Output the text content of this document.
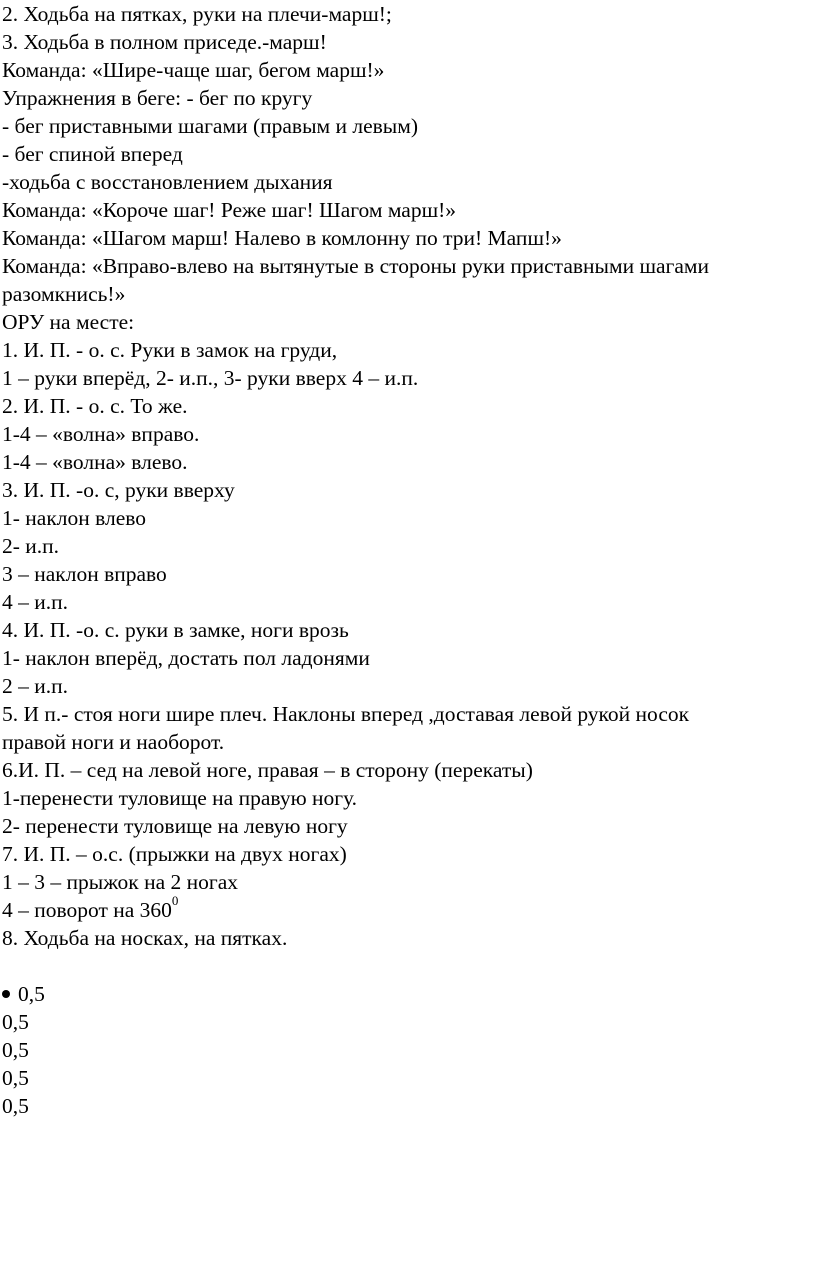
2. Ходьба на пятках, руки на плечи-марш!;
3. Ходьба в полном приседе.-марш!
Команда: «Шире-чаще шаг, бегом марш!»
Упражнения в беге: - бег по кругу
- бег приставными шагами (правым и левым)
- бег спиной вперед
-ходьба с восстановлением дыхания
Команда: «Короче шаг! Реже шаг! Шагом марш!»
Команда: «Шагом марш! Налево в комлонну по три! Мапш!»
Команда: «Вправо-влево на вытянутые в стороны руки приставными шагами
разомкнись!»
ОРУ на месте:
1. И. П. - о. с. Руки в замок на груди,
1 – руки вперёд, 2- и.п., 3- руки вверх 4 – и.п.
2. И. П. - о. с. То же.
1-4 – «волна» вправо.
1-4 – «волна» влево.
3. И. П. -о. с, руки вверху
1- наклон влево
2- и.п.
3 – наклон вправо
4 – и.п.
4. И. П. -о. с. руки в замке, ноги врозь
1- наклон вперёд, достать пол ладонями
2 – и.п.
5. И п.- стоя ноги шире плеч. Наклоны вперед ,доставая левой рукой носок
правой ноги и наоборот.
6.И. П. – сед на левой ноге, правая – в сторону (перекаты)
1-перенести туловище на правую ногу.
2- перенести туловище на левую ногу
7. И. П. – о.с. (прыжки на двух ногах)
1 – 3 – прыжок на 2 ногах
4 – поворот на $360^0$
8. Ходьба на носках, на пятках.
0,5
0,5
0,5
0,5
0,5
